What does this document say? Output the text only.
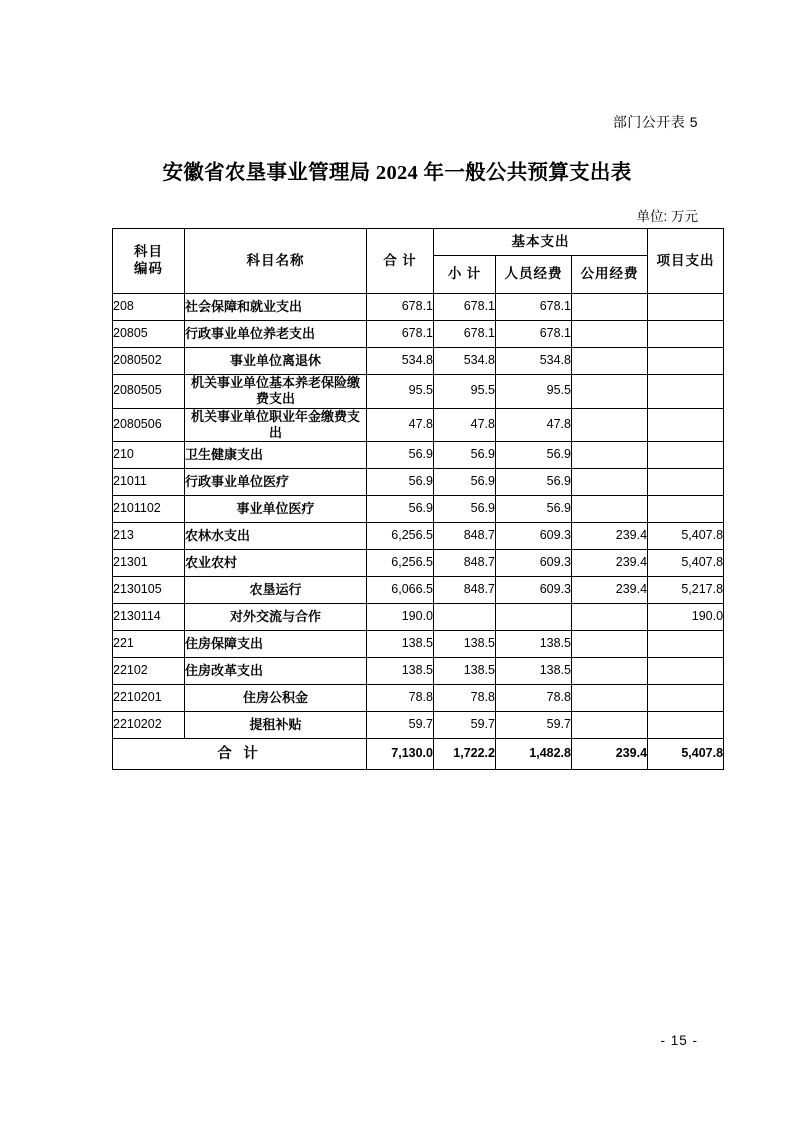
部门公开表 5
安徽省农垦事业管理局 2024 年一般公共预算支出表
单位: 万元
科目
编码	科目名称	合 计	基本支出			项目支出
			小 计	人员经费	公用经费	
208	社会保障和就业支出	678.1	678.1	678.1		
20805	行政事业单位养老支出	678.1	678.1	678.1		
2080502	事业单位离退休	534.8	534.8	534.8		
2080505	机关事业单位基本养老保险缴费支出	95.5	95.5	95.5		
2080506	机关事业单位职业年金缴费支出	47.8	47.8	47.8		
210	卫生健康支出	56.9	56.9	56.9		
21011	行政事业单位医疗	56.9	56.9	56.9		
2101102	事业单位医疗	56.9	56.9	56.9		
213	农林水支出	6,256.5	848.7	609.3	239.4	5,407.8
21301	农业农村	6,256.5	848.7	609.3	239.4	5,407.8
2130105	农垦运行	6,066.5	848.7	609.3	239.4	5,217.8
2130114	对外交流与合作	190.0				190.0
221	住房保障支出	138.5	138.5	138.5		
22102	住房改革支出	138.5	138.5	138.5		
2210201	住房公积金	78.8	78.8	78.8		
2210202	提租补贴	59.7	59.7	59.7		
合 计		7,130.0	1,722.2	1,482.8	239.4	5,407.8
- 15 -
